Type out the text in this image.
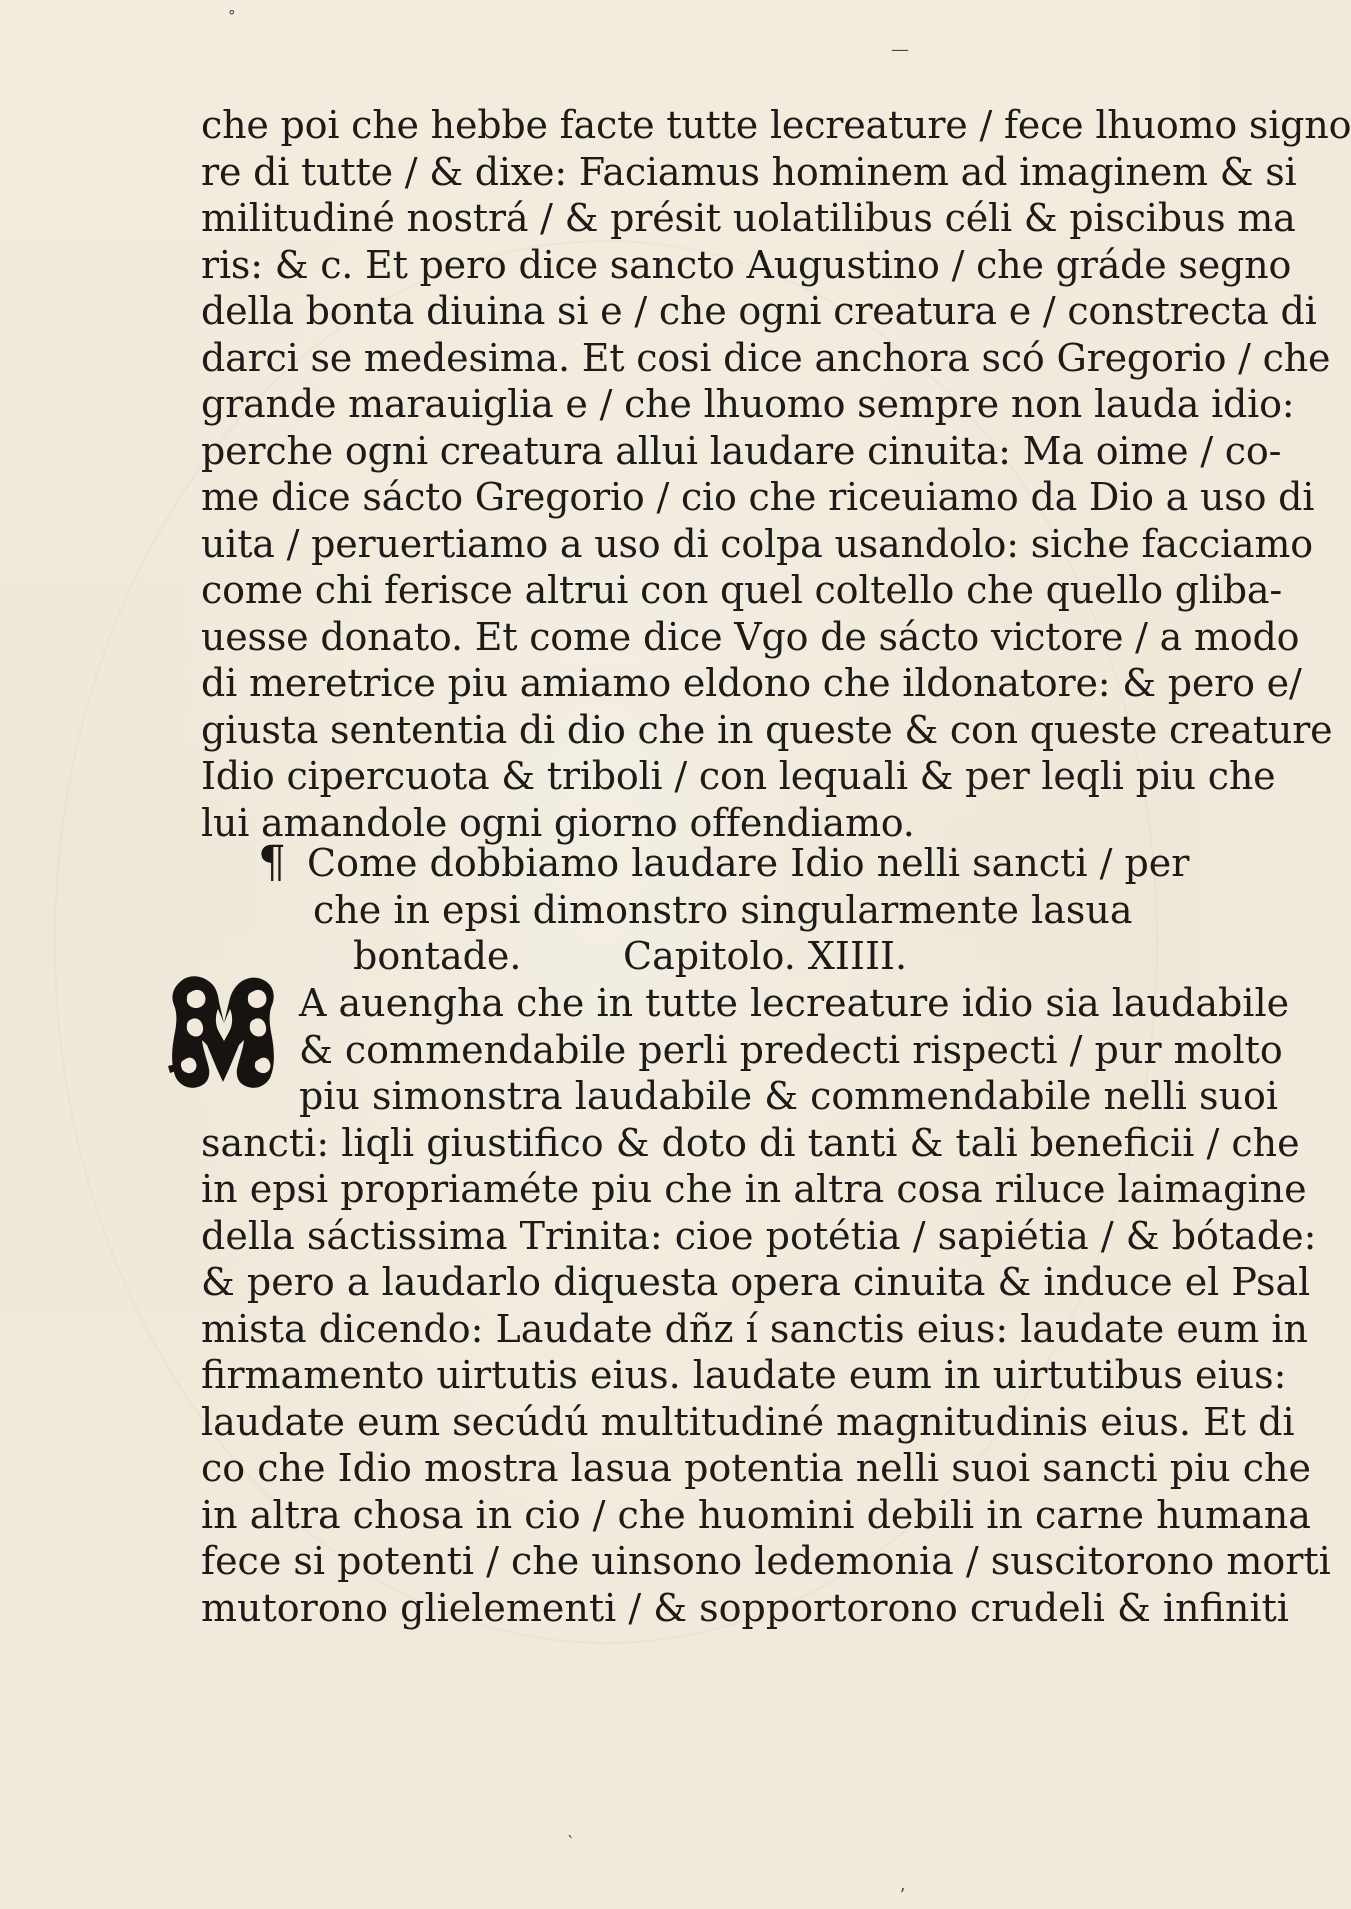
°
—
‵
ʼ
che poi che hebbe facte tutte lecreature / fece lhuomo signo
re di tutte / & dixe: Faciamus hominem ad imaginem & si
militudiné nostrá / & présit uolatilibus céli & piscibus ma
ris: & c. Et pero dice sancto Augustino / che gráde segno
della bonta diuina si e / che ogni creatura e / constrecta di
darci se medesima. Et cosi dice anchora scó Gregorio / che
grande marauiglia e / che lhuomo sempre non lauda idio:
perche ogni creatura allui laudare cinuita: Ma oime / co-
me dice sácto Gregorio / cio che riceuiamo da Dio a uso di
uita / peruertiamo a uso di colpa usandolo: siche facciamo
come chi ferisce altrui con quel coltello che quello gliba-
uesse donato. Et come dice Vgo de sácto victore / a modo
di meretrice piu amiamo eldono che ildonatore: & pero e/
giusta sententia di dio che in queste & con queste creature
Idio cipercuota & triboli / con lequali & per leqli piu che
lui amandole ogni giorno offendiamo.
¶ Come dobbiamo laudare Idio nelli sancti / per
che in epsi dimonstro singularmente lasua
bontade.	Capitolo. XIIII.
A auengha che in tutte lecreature idio sia laudabile
& commendabile perli predecti rispecti / pur molto
piu simonstra laudabile & commendabile nelli suoi
sancti: liqli giustifico & doto di tanti & tali beneficii / che
in epsi propriaméte piu che in altra cosa riluce laimagine
della sáctissima Trinita: cioe potétia / sapiétia / & bótade:
& pero a laudarlo diquesta opera cinuita & induce el Psal
mista dicendo: Laudate dñz í sanctis eius: laudate eum in
firmamento uirtutis eius. laudate eum in uirtutibus eius:
laudate eum secúdú multitudiné magnitudinis eius. Et di
co che Idio mostra lasua potentia nelli suoi sancti piu che
in altra chosa in cio / che huomini debili in carne humana
fece si potenti / che uinsono ledemonia / suscitorono morti
mutorono glielementi / & sopportorono crudeli & infiniti
